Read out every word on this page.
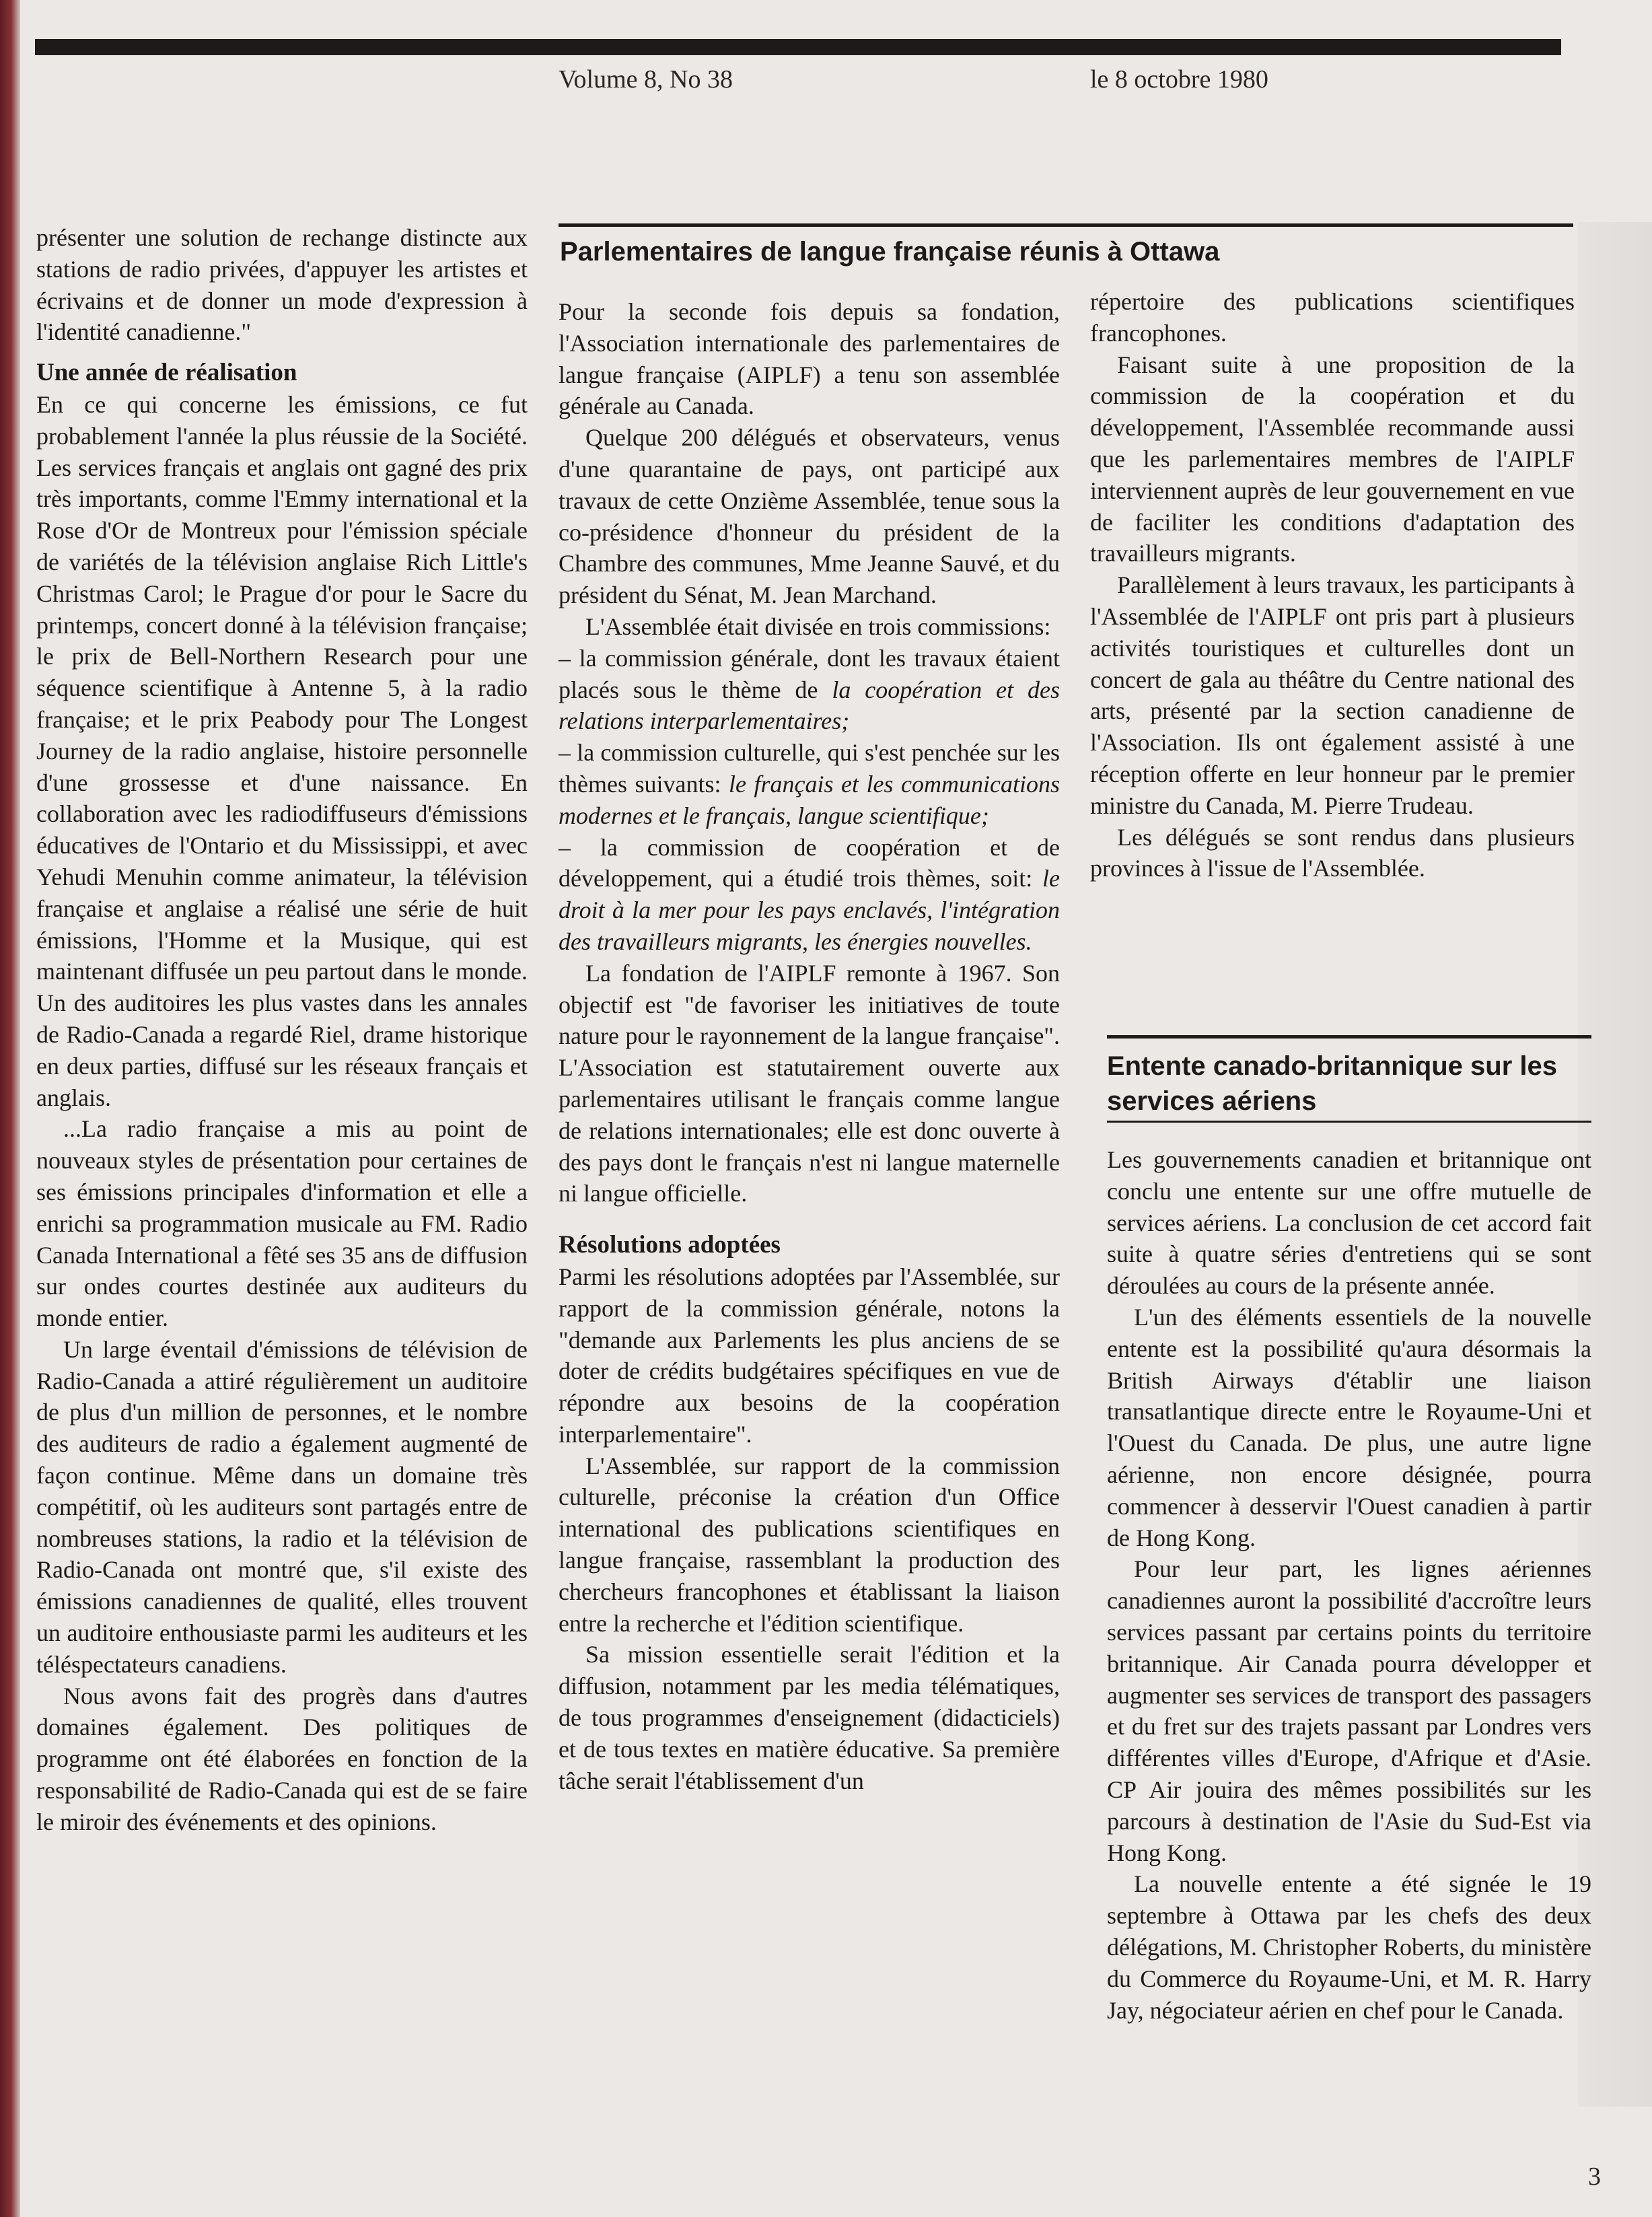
Volume 8, No 38	le 8 octobre 1980

présenter une solution de rechange distincte aux stations de radio privées, d'appuyer les artistes et écrivains et de donner un mode d'expression à l'identité canadienne."

Une année de réalisation

En ce qui concerne les émissions, ce fut probablement l'année la plus réussie de la Société. Les services français et anglais ont gagné des prix très importants, comme l'Emmy international et la Rose d'Or de Montreux pour l'émission spéciale de variétés de la télévision anglaise Rich Little's Christmas Carol; le Prague d'or pour le Sacre du printemps, concert donné à la télévision française; le prix de Bell-Northern Research pour une séquence scientifique à Antenne 5, à la radio française; et le prix Peabody pour The Longest Journey de la radio anglaise, histoire personnelle d'une grossesse et d'une naissance. En collaboration avec les radiodiffuseurs d'émissions éducatives de l'Ontario et du Mississippi, et avec Yehudi Menuhin comme animateur, la télévision française et anglaise a réalisé une série de huit émissions, l'Homme et la Musique, qui est maintenant diffusée un peu partout dans le monde. Un des auditoires les plus vastes dans les annales de Radio-Canada a regardé Riel, drame historique en deux parties, diffusé sur les réseaux français et anglais.

...La radio française a mis au point de nouveaux styles de présentation pour certaines de ses émissions principales d'information et elle a enrichi sa programmation musicale au FM. Radio Canada International a fêté ses 35 ans de diffusion sur ondes courtes destinée aux auditeurs du monde entier.

Un large éventail d'émissions de télévision de Radio-Canada a attiré régulièrement un auditoire de plus d'un million de personnes, et le nombre des auditeurs de radio a également augmenté de façon continue. Même dans un domaine très compétitif, où les auditeurs sont partagés entre de nombreuses stations, la radio et la télévision de Radio-Canada ont montré que, s'il existe des émissions canadiennes de qualité, elles trouvent un auditoire enthousiaste parmi les auditeurs et les téléspectateurs canadiens.

Nous avons fait des progrès dans d'autres domaines également. Des politiques de programme ont été élaborées en fonction de la responsabilité de Radio-Canada qui est de se faire le miroir des événements et des opinions.

Parlementaires de langue française réunis à Ottawa

Pour la seconde fois depuis sa fondation, l'Association internationale des parlementaires de langue française (AIPLF) a tenu son assemblée générale au Canada.

Quelque 200 délégués et observateurs, venus d'une quarantaine de pays, ont participé aux travaux de cette Onzième Assemblée, tenue sous la co-présidence d'honneur du président de la Chambre des communes, Mme Jeanne Sauvé, et du président du Sénat, M. Jean Marchand.

L'Assemblée était divisée en trois commissions:

– la commission générale, dont les travaux étaient placés sous le thème de la coopération et des relations interparlementaires;

– la commission culturelle, qui s'est penchée sur les thèmes suivants: le français et les communications modernes et le français, langue scientifique;

– la commission de coopération et de développement, qui a étudié trois thèmes, soit: le droit à la mer pour les pays enclavés, l'intégration des travailleurs migrants, les énergies nouvelles.

La fondation de l'AIPLF remonte à 1967. Son objectif est "de favoriser les initiatives de toute nature pour le rayonnement de la langue française". L'Association est statutairement ouverte aux parlementaires utilisant le français comme langue de relations internationales; elle est donc ouverte à des pays dont le français n'est ni langue maternelle ni langue officielle.

Résolutions adoptées

Parmi les résolutions adoptées par l'Assemblée, sur rapport de la commission générale, notons la "demande aux Parlements les plus anciens de se doter de crédits budgétaires spécifiques en vue de répondre aux besoins de la coopération interparlementaire".

L'Assemblée, sur rapport de la commission culturelle, préconise la création d'un Office international des publications scientifiques en langue française, rassemblant la production des chercheurs francophones et établissant la liaison entre la recherche et l'édition scientifique.

Sa mission essentielle serait l'édition et la diffusion, notamment par les media télématiques, de tous programmes d'enseignement (didacticiels) et de tous textes en matière éducative. Sa première tâche serait l'établissement d'un

répertoire des publications scientifiques francophones.

Faisant suite à une proposition de la commission de la coopération et du développement, l'Assemblée recommande aussi que les parlementaires membres de l'AIPLF interviennent auprès de leur gouvernement en vue de faciliter les conditions d'adaptation des travailleurs migrants.

Parallèlement à leurs travaux, les participants à l'Assemblée de l'AIPLF ont pris part à plusieurs activités touristiques et culturelles dont un concert de gala au théâtre du Centre national des arts, présenté par la section canadienne de l'Association. Ils ont également assisté à une réception offerte en leur honneur par le premier ministre du Canada, M. Pierre Trudeau.

Les délégués se sont rendus dans plusieurs provinces à l'issue de l'Assemblée.

Entente canado-britannique sur les services aériens

Les gouvernements canadien et britannique ont conclu une entente sur une offre mutuelle de services aériens. La conclusion de cet accord fait suite à quatre séries d'entretiens qui se sont déroulées au cours de la présente année.

L'un des éléments essentiels de la nouvelle entente est la possibilité qu'aura désormais la British Airways d'établir une liaison transatlantique directe entre le Royaume-Uni et l'Ouest du Canada. De plus, une autre ligne aérienne, non encore désignée, pourra commencer à desservir l'Ouest canadien à partir de Hong Kong.

Pour leur part, les lignes aériennes canadiennes auront la possibilité d'accroître leurs services passant par certains points du territoire britannique. Air Canada pourra développer et augmenter ses services de transport des passagers et du fret sur des trajets passant par Londres vers différentes villes d'Europe, d'Afrique et d'Asie. CP Air jouira des mêmes possibilités sur les parcours à destination de l'Asie du Sud-Est via Hong Kong.

La nouvelle entente a été signée le 19 septembre à Ottawa par les chefs des deux délégations, M. Christopher Roberts, du ministère du Commerce du Royaume-Uni, et M. R. Harry Jay, négociateur aérien en chef pour le Canada.

3
